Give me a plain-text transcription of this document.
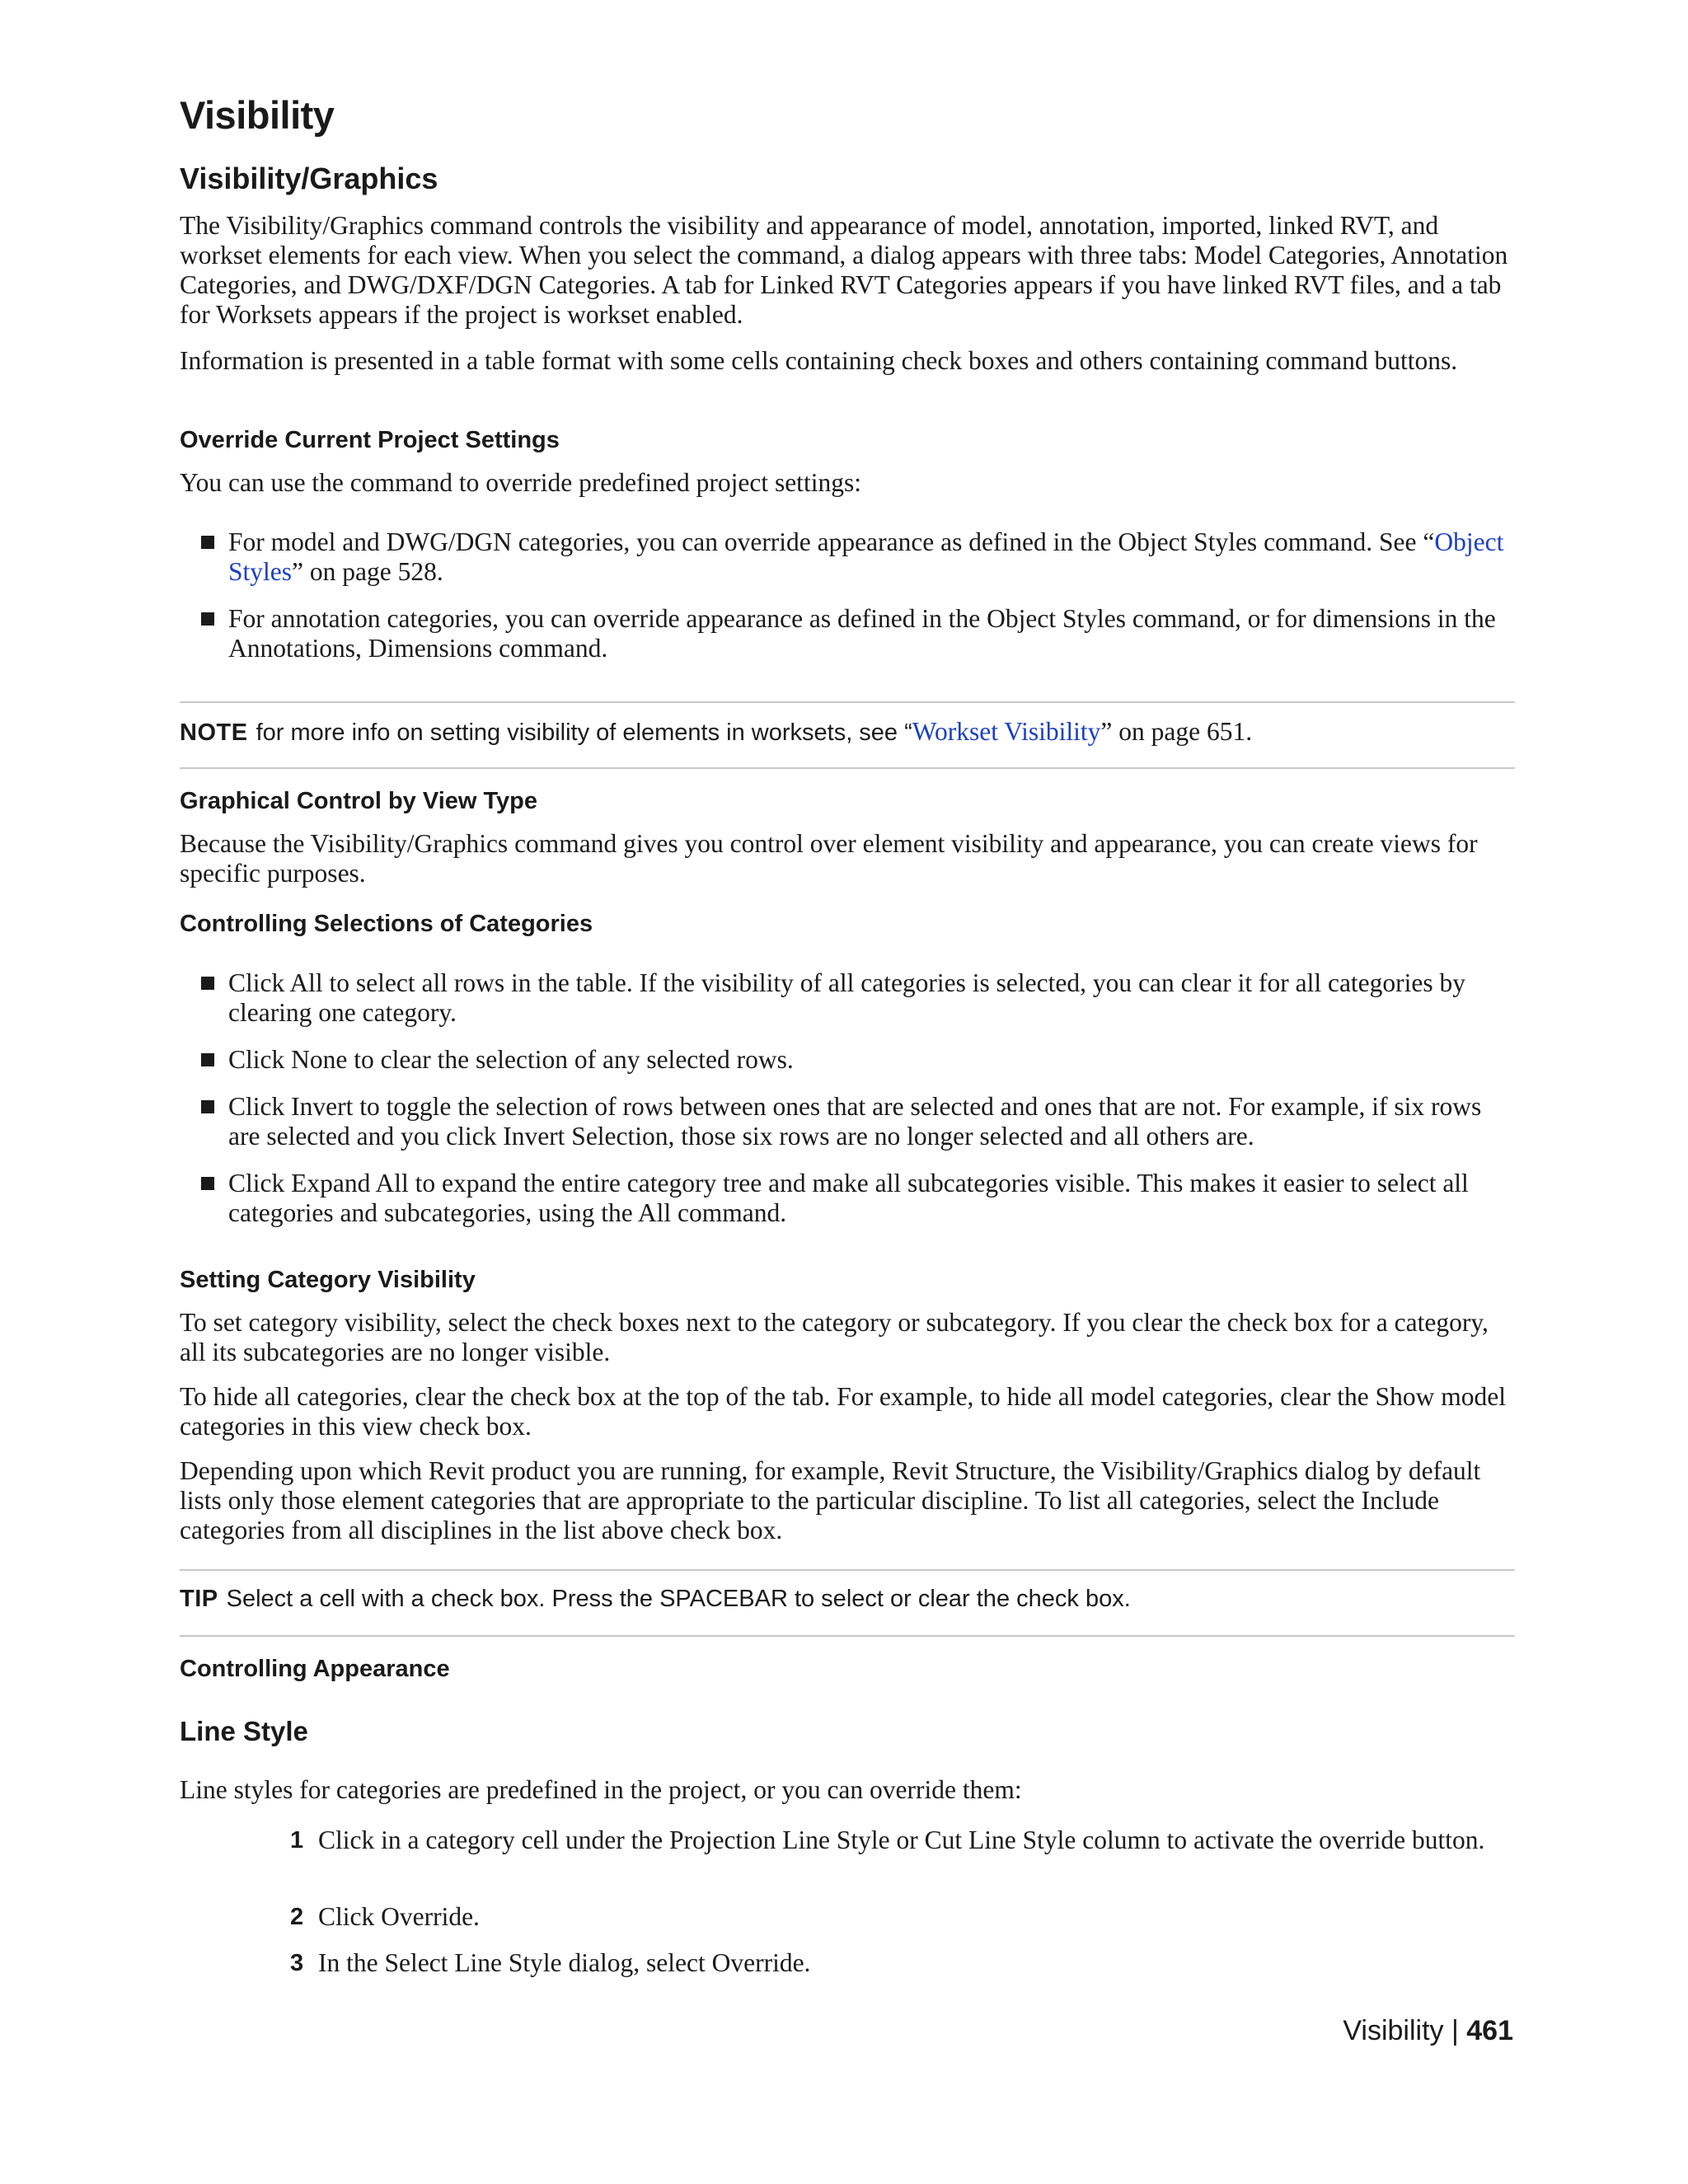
Visibility
Visibility/Graphics
The Visibility/Graphics command controls the visibility and appearance of model, annotation, imported, linked RVT, and workset elements for each view. When you select the command, a dialog appears with three tabs: Model Categories, Annotation Categories, and DWG/DXF/DGN Categories. A tab for Linked RVT Categories appears if you have linked RVT files, and a tab for Worksets appears if the project is workset enabled.
Information is presented in a table format with some cells containing check boxes and others containing command buttons.
Override Current Project Settings
You can use the command to override predefined project settings:
For model and DWG/DGN categories, you can override appearance as defined in the Object Styles command. See “Object Styles” on page 528.
For annotation categories, you can override appearance as defined in the Object Styles command, or for dimensions in the Annotations, Dimensions command.
NOTE for more info on setting visibility of elements in worksets, see “Workset Visibility” on page 651.
Graphical Control by View Type
Because the Visibility/Graphics command gives you control over element visibility and appearance, you can create views for specific purposes.
Controlling Selections of Categories
Click All to select all rows in the table. If the visibility of all categories is selected, you can clear it for all categories by clearing one category.
Click None to clear the selection of any selected rows.
Click Invert to toggle the selection of rows between ones that are selected and ones that are not. For example, if six rows are selected and you click Invert Selection, those six rows are no longer selected and all others are.
Click Expand All to expand the entire category tree and make all subcategories visible. This makes it easier to select all categories and subcategories, using the All command.
Setting Category Visibility
To set category visibility, select the check boxes next to the category or subcategory. If you clear the check box for a category, all its subcategories are no longer visible.
To hide all categories, clear the check box at the top of the tab. For example, to hide all model categories, clear the Show model categories in this view check box.
Depending upon which Revit product you are running, for example, Revit Structure, the Visibility/Graphics dialog by default lists only those element categories that are appropriate to the particular discipline. To list all categories, select the Include categories from all disciplines in the list above check box.
TIP Select a cell with a check box. Press the SPACEBAR to select or clear the check box.
Controlling Appearance
Line Style
Line styles for categories are predefined in the project, or you can override them:
1 Click in a category cell under the Projection Line Style or Cut Line Style column to activate the override button.
2 Click Override.
3 In the Select Line Style dialog, select Override.
Visibility | 461
